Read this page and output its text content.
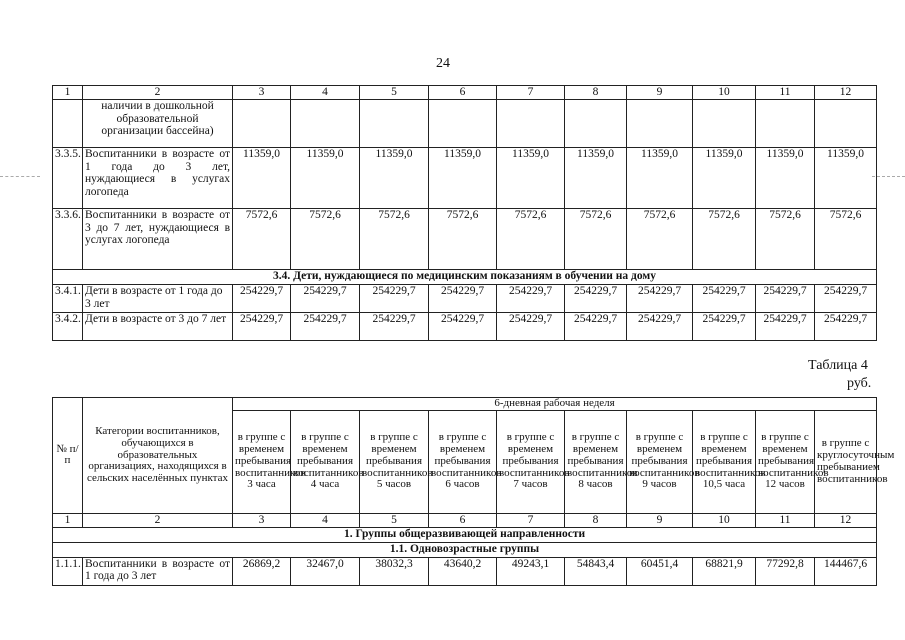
24
1	2	3	4	5	6	7	8	9	10	11	12
	наличии в дошкольной образовательной организации бассейна)										
3.3.5.	Воспитанники в возрасте от 1 года до 3 лет, нуждающиеся в услугах логопеда	11359,0	11359,0	11359,0	11359,0	11359,0	11359,0	11359,0	11359,0	11359,0	11359,0
3.3.6.	Воспитанники в возрасте от 3 до 7 лет, нуждающиеся в услугах логопеда	7572,6	7572,6	7572,6	7572,6	7572,6	7572,6	7572,6	7572,6	7572,6	7572,6
3.4. Дети, нуждающиеся по медицинским показаниям в обучении на дому											
3.4.1.	Дети в возрасте от 1 года до 3 лет	254229,7	254229,7	254229,7	254229,7	254229,7	254229,7	254229,7	254229,7	254229,7	254229,7
3.4.2.	Дети в возрасте от 3 до 7 лет	254229,7	254229,7	254229,7	254229,7	254229,7	254229,7	254229,7	254229,7	254229,7	254229,7
Таблица 4
руб.
№ п/п	Категории воспитанников, обучающихся в образовательных организациях, находящихся в сельских населённых пунктах	6-дневная рабочая неделя									
		в группе с временем пребывания воспитанников 3 часа	в группе с временем пребывания воспитанников 4 часа	в группе с временем пребывания воспитанников 5 часов	в группе с временем пребывания воспитанников 6 часов	в группе с временем пребывания воспитанников 7 часов	в группе с временем пребывания воспитанников 8 часов	в группе с временем пребывания воспитанников 9 часов	в группе с временем пребывания воспитанников 10,5 часа	в группе с временем пребывания воспитанников 12 часов	в группе с круглосуточным пребыванием воспитанников
1	2	3	4	5	6	7	8	9	10	11	12
1. Группы общеразвивающей направленности											
1.1. Одновозрастные группы											
1.1.1.	Воспитанники в возрасте от 1 года до 3 лет	26869,2	32467,0	38032,3	43640,2	49243,1	54843,4	60451,4	68821,9	77292,8	144467,6
